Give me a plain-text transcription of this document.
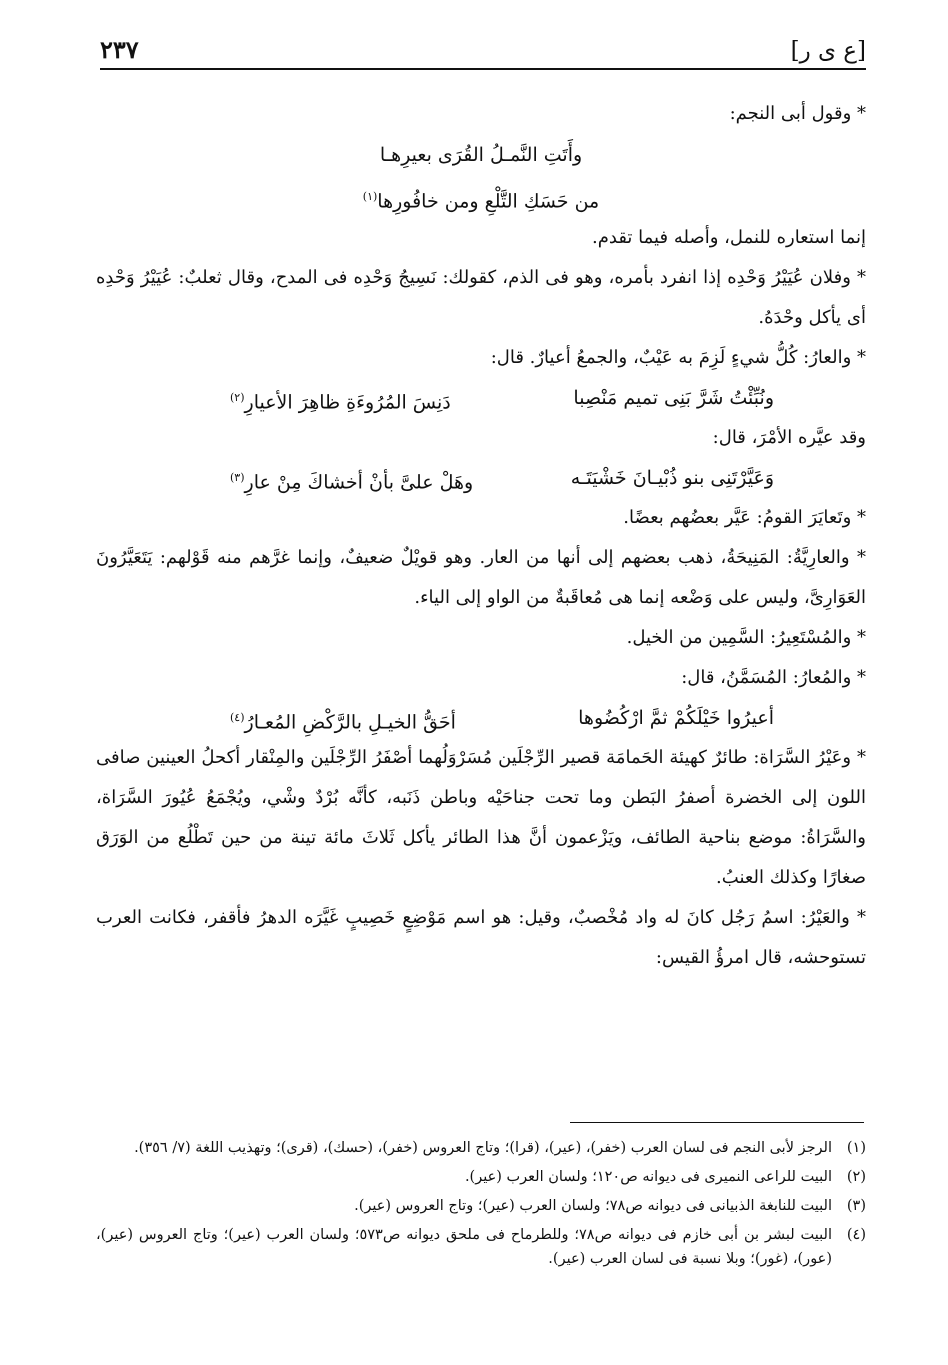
[ع ى ر]
٢٣٧

* وقول أبى النجم:

وأَتَتِ النَّمـلُ القُرَى بعيرِهـا
من حَسَكِ التَّلْعِ ومن خافُورِها$^{(١)}$

إنما استعاره للنمل، وأصله فيما تقدم.

* وفلان عُيَيْرُ وَحْدِه إذا انفرد بأمره، وهو فى الذم، كقولك: نَسِيجُ وَحْدِه فى المدح، وقال ثعلبٌ: عُيَيْرُ وَحْدِه أى يأكل وحْدَهُ.

* والعارُ: كُلُّ شيءٍ لَزِمَ به عَيْبٌ، والجمعُ أعيارٌ. قال:

ونُبِّئْتُ شَرَّ بَنِى تميم مَنْصِبا
دَنِسَ المُرُوءَةِ ظاهِرَ الأعيارِ$^{(٢)}$

وقد عيَّره الأمْرَ، قال:

وَعَيَّرْتَنِى بنو ذُبْيـانَ خَشْيَتَـه
وهَلْ علىَّ بأنْ أخشاكَ مِنْ عارِ$^{(٣)}$

* وتَعايَرَ القومُ: عَيَّر بعضُهم بعضًا.

* والعارِيَّةُ: المَنِيحَةُ، ذهب بعضهم إلى أنها من العار. وهو قويْلٌ ضعيفٌ، وإنما غرَّهم منه قَوْلهم: يَتَعَيَّرُونَ العَوَارِىَّ، وليس على وَضْعه إنما هى مُعاقَبةٌ من الواو إلى الياء.

* والمُسْتَعِيرُ: السَّمِين من الخيل.

* والمُعارُ: المُسَمَّنُ، قال:

أعيرُوا خَيْلَكُمْ ثمَّ ارْكُضُوها
أحَقُّ الخيـلِ بالرَّكْضِ المُعـارُ$^{(٤)}$

* وعَيْرُ السَّرَاة: طائرٌ كهيئة الحَمامَة قصير الرِّجْلَين مُسَرْوَلُهما أصْفَرُ الرِّجْلَين والمِنْقار أكحلُ العينين صافى اللون إلى الخضرة أصفرُ البَطن وما تحت جناحَيْه وباطن ذَنَبه، كأنَّه بُرْدٌ وشْي، ويُجْمَعُ عُيُورَ السَّرَاة، والسَّرَاةُ: موضع بناحية الطائف، ويَزْعمون أنَّ هذا الطائر يأكل ثَلاثَ مائة تينة من حين تَطْلُع من الوَرَق صغارًا وكذلك العنبُ.

* والعَيْرُ: اسمُ رَجُل كانَ له واد مُخْصبٌ، وقيل: هو اسم مَوْضِعٍ خَصِيبٍ غَيَّرَه الدهرُ فأقفر، فكانت العرب تستوحشه، قال امرؤُ القيس:

(١)
الرجز لأبى النجم فى لسان العرب (خفر)، (عير)، (قرا)؛ وتاج العروس (خفر)، (حسك)، (قرى)؛ وتهذيب اللغة (٧/ ٣٥٦).
(٢)
البيت للراعى النميرى فى ديوانه ص١٢٠؛ ولسان العرب (عير).
(٣)
البيت للنابغة الذبيانى فى ديوانه ص٧٨؛ ولسان العرب (عير)؛ وتاج العروس (عير).
(٤)
البيت لبشر بن أبى خازم فى ديوانه ص٧٨؛ وللطرماح فى ملحق ديوانه ص٥٧٣؛ ولسان العرب (عير)؛ وتاج العروس (عير)، (عور)، (غور)؛ وبلا نسبة فى لسان العرب (عير).
